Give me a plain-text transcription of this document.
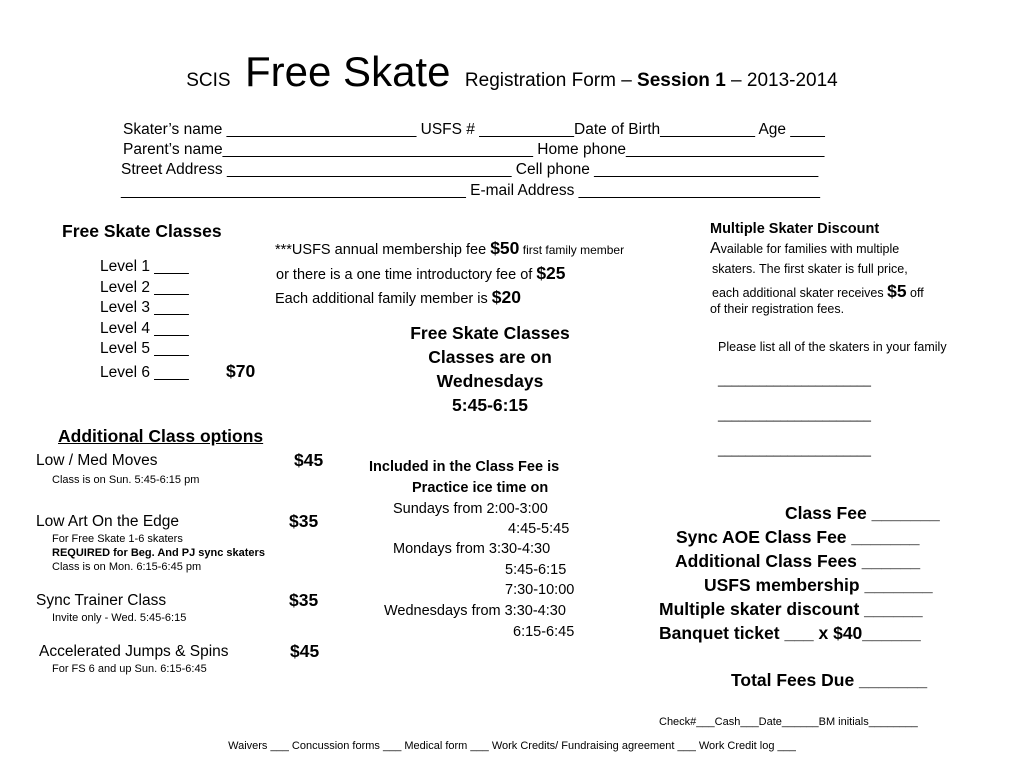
SCIS Free Skate Registration Form – Session 1 – 2013-2014
Skater’s name ______________________ USFS # ___________Date of Birth___________ Age ____
Parent’s name____________________________________ Home phone_______________________
Street Address _________________________________ Cell phone __________________________
________________________________________ E-mail Address ____________________________
Free Skate Classes
Level 1 ____
Level 2 ____
Level 3 ____
Level 4 ____
Level 5 ____
Level 6 ____ $70
***USFS annual membership fee $50 first family member
or there is a one time introductory fee of $25
Each additional family member is $20
Free Skate Classes
Classes are on
Wednesdays
5:45-6:15
Additional Class options
Low / Med Moves	$45
Class is on Sun. 5:45-6:15 pm
Low Art On the Edge	$35
For Free Skate 1-6 skaters
REQUIRED for Beg. And PJ sync skaters
Class is on Mon. 6:15-6:45 pm
Sync Trainer Class	$35
Invite only - Wed. 5:45-6:15
Accelerated Jumps & Spins	$45
For FS 6 and up Sun. 6:15-6:45
Included in the Class Fee is
Practice ice time on
Sundays from 2:00-3:00
4:45-5:45
Mondays from 3:30-4:30
5:45-6:15
7:30-10:00
Wednesdays from 3:30-4:30
6:15-6:45
Multiple Skater Discount
Available for families with multiple
skaters. The first skater is full price,
each additional skater receives $5 off
of their registration fees.
Please list all of the skaters in your family
______________________
______________________
______________________
Class Fee _______
Sync AOE Class Fee _______
Additional Class Fees ______
USFS membership _______
Multiple skater discount ______
Banquet ticket ___ x $40______
Total Fees Due _______
Check#___Cash___Date______BM initials________
Waivers ___ Concussion forms ___ Medical form ___ Work Credits/ Fundraising agreement ___ Work Credit log ___
